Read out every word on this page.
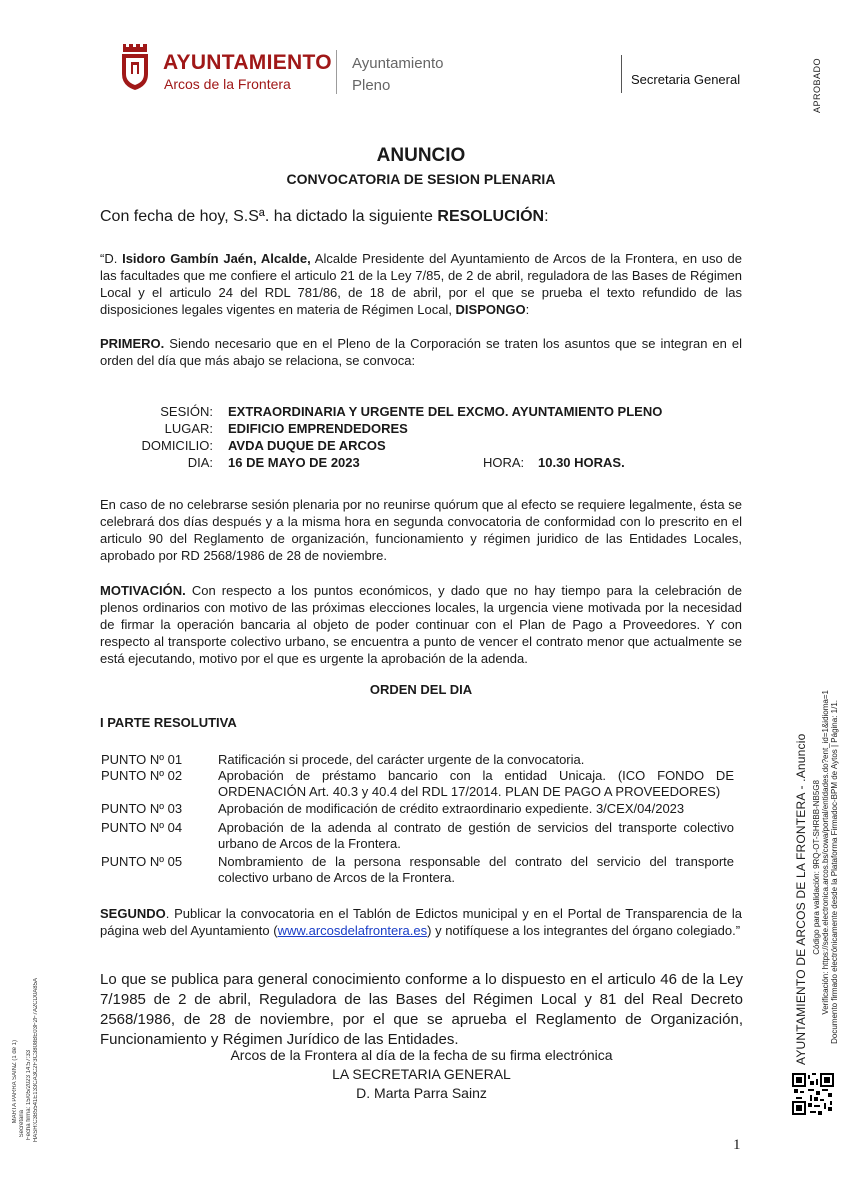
AYUNTAMIENTO
Arcos de la Frontera
Ayuntamiento
Pleno	Secretaria General	APROBADO
ANUNCIO
CONVOCATORIA DE SESION PLENARIA
Con fecha de hoy, S.Sª. ha dictado la siguiente RESOLUCIÓN:
“D. Isidoro Gambín Jaén, Alcalde, Alcalde Presidente del Ayuntamiento de Arcos de la Frontera, en uso de las facultades que me confiere el articulo 21 de la Ley 7/85, de 2 de abril, reguladora de las Bases de Régimen Local y el articulo 24 del RDL 781/86, de 18 de abril, por el que se prueba el texto refundido de las disposiciones legales vigentes en materia de Régimen Local, DISPONGO:
PRIMERO. Siendo necesario que en el Pleno de la Corporación se traten los asuntos que se integran en el orden del día que más abajo se relaciona, se convoca:
SESIÓN: EXTRAORDINARIA Y URGENTE DEL EXCMO. AYUNTAMIENTO PLENO
LUGAR: EDIFICIO EMPRENDEDORES
DOMICILIO: AVDA DUQUE DE ARCOS
DIA: 16 DE MAYO DE 2023	HORA: 10.30 HORAS.
En caso de no celebrarse sesión plenaria por no reunirse quórum que al efecto se requiere legalmente, ésta se celebrará dos días después y a la misma hora en segunda convocatoria de conformidad con lo prescrito en el articulo 90 del Reglamento de organización, funcionamiento y régimen juridico de las Entidades Locales, aprobado por RD 2568/1986 de 28 de noviembre.
MOTIVACIÓN. Con respecto a los puntos económicos, y dado que no hay tiempo para la celebración de plenos ordinarios con motivo de las próximas elecciones locales, la urgencia viene motivada por la necesidad de firmar la operación bancaria al objeto de poder continuar con el Plan de Pago a Proveedores. Y con respecto al transporte colectivo urbano, se encuentra a punto de vencer el contrato menor que actualmente se está ejecutando, motivo por el que es urgente la aprobación de la adenda.
ORDEN DEL DIA
I PARTE RESOLUTIVA
PUNTO Nº 01	Ratificación si procede, del carácter urgente de la convocatoria.
PUNTO Nº 02	Aprobación de préstamo bancario con la entidad Unicaja. (ICO FONDO DE ORDENACIÓN Art. 40.3 y 40.4 del RDL 17/2014. PLAN DE PAGO A PROVEEDORES)
PUNTO Nº 03	Aprobación de modificación de crédito extraordinario expediente. 3/CEX/04/2023
PUNTO Nº 04	Aprobación de la adenda al contrato de gestión de servicios del transporte colectivo urbano de Arcos de la Frontera.
PUNTO Nº 05	Nombramiento de la persona responsable del contrato del servicio del transporte colectivo urbano de Arcos de la Frontera.
SEGUNDO. Publicar la convocatoria en el Tablón de Edictos municipal y en el Portal de Transparencia de la página web del Ayuntamiento (www.arcosdelafrontera.es) y notifíquese a los integrantes del órgano colegiado.”
Lo que se publica para general conocimiento conforme a lo dispuesto en el articulo 46 de la Ley 7/1985 de 2 de abril, Reguladora de las Bases del Régimen Local y 81 del Real Decreto 2568/1986, de 28 de noviembre, por el que se aprueba el Reglamento de Organización, Funcionamiento y Régimen Jurídico de las Entidades.
Arcos de la Frontera al día de la fecha de su firma electrónica
LA SECRETARIA GENERAL
D. Marta Parra Sainz
1
AYUNTAMIENTO DE ARCOS DE LA FRONTERA - .Anuncio Código para validación: 9RQ-OT-SHRBB-NB5G8 Verificación: https://sede.electronica.arcos.bs/cowa/portal/entidades.do?ent_id=1&idioma=1 Documento firmado electrónicamente desde la Plataforma Firmadoc-BPM de Aytos | Página: 1/1.
MARTA PARRA SAINZ (1 de 1)
Secretaria Fecha firma: 15/05/2023 14:57:33 HASH:C3B5541E133CA3C2F3C3808BE03F2F7A2CD0A85A
